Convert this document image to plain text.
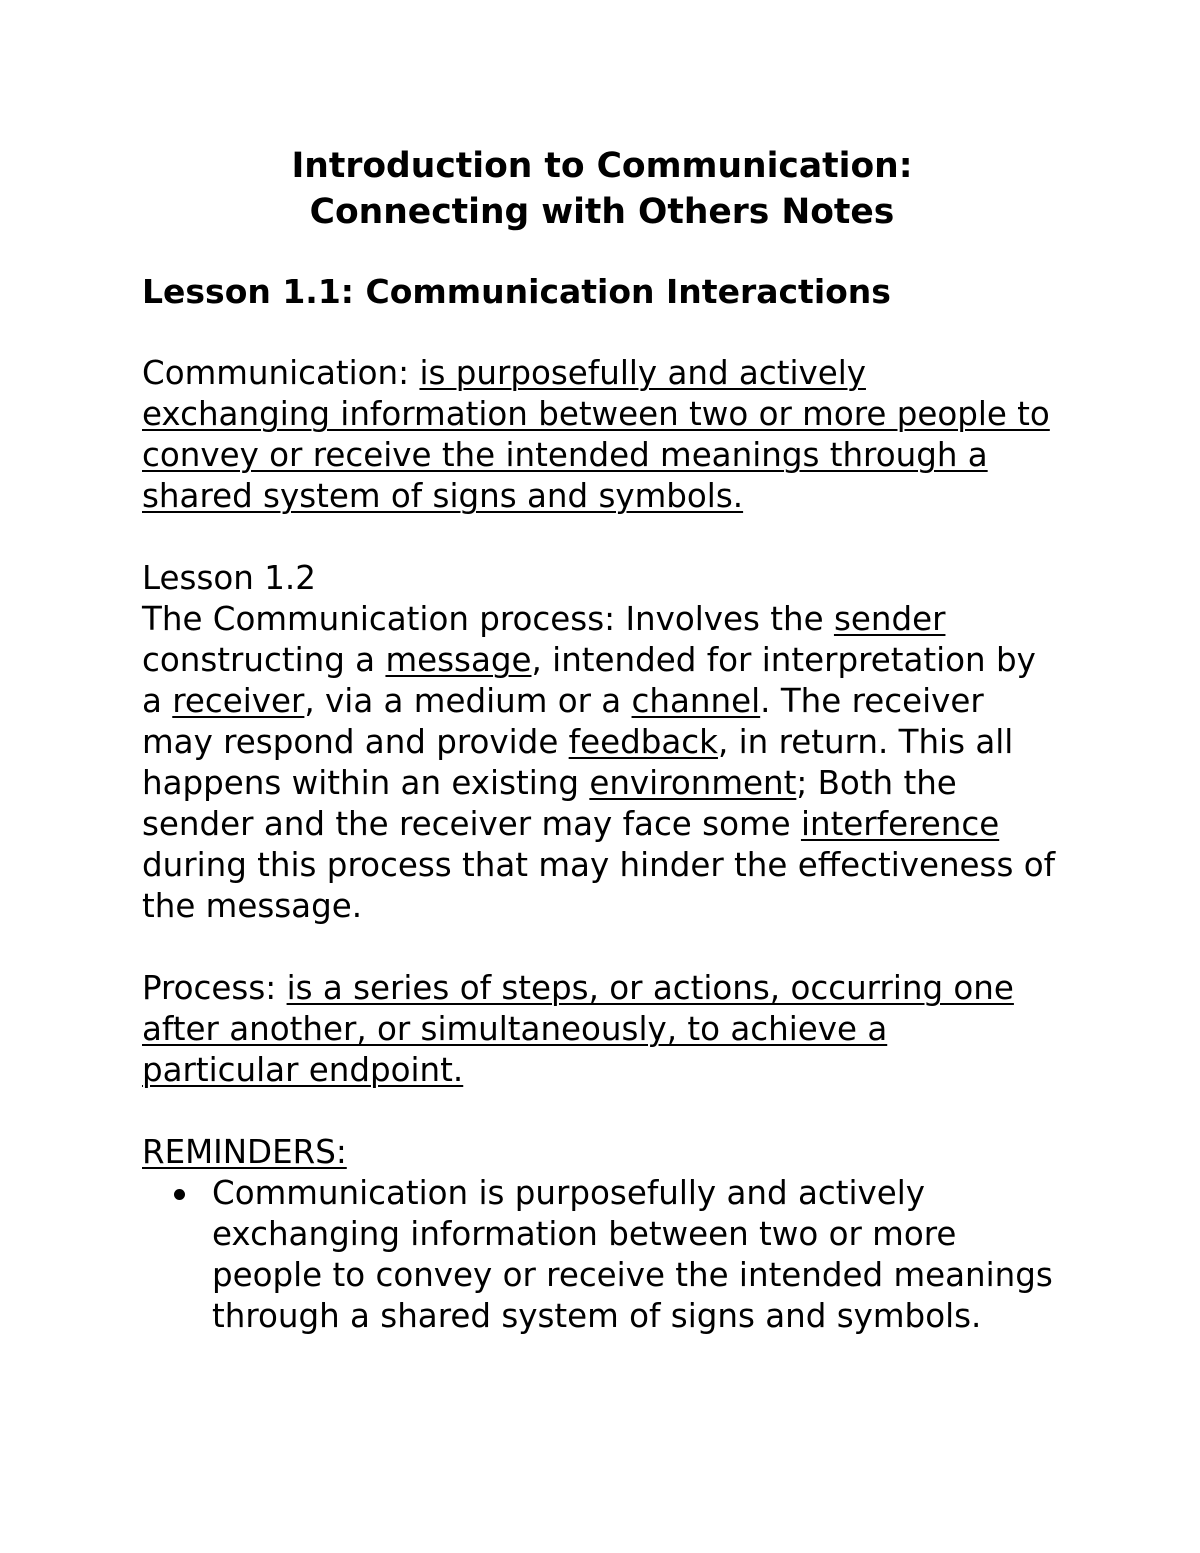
Introduction to Communication:
Connecting with Others Notes
Lesson 1.1: Communication Interactions

Communication: is purposefully and actively exchanging information between two or more people to convey or receive the intended meanings through a shared system of signs and symbols.

Lesson 1.2

The Communication process: Involves the sender constructing a message, intended for interpretation by a receiver, via a medium or a channel. The receiver may respond and provide feedback, in return. This all happens within an existing environment; Both the sender and the receiver may face some interference during this process that may hinder the effectiveness of the message.

Process: is a series of steps, or actions, occurring one after another, or simultaneously, to achieve a particular endpoint.

REMINDERS:

Communication is purposefully and actively exchanging information between two or more people to convey or receive the intended meanings through a shared system of signs and symbols.
